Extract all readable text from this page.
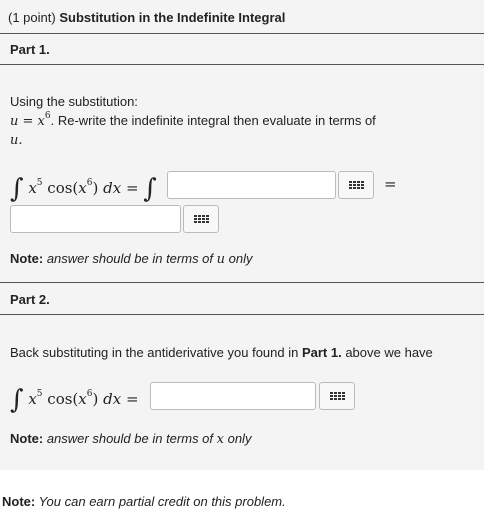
(1 point) Substitution in the Indefinite Integral
Part 1.
Using the substitution:
$u = x^6$. Re-write the indefinite integral then evaluate in terms of
u.
∫ $x^5$ $\cos(x^6)$ dx = ∫	=
Note: answer should be in terms of u only
Part 2.
Back substituting in the antiderivative you found in Part 1. above we have
∫ $x^5$ $\cos(x^6)$ dx =
Note: answer should be in terms of x only
Note: You can earn partial credit on this problem.
